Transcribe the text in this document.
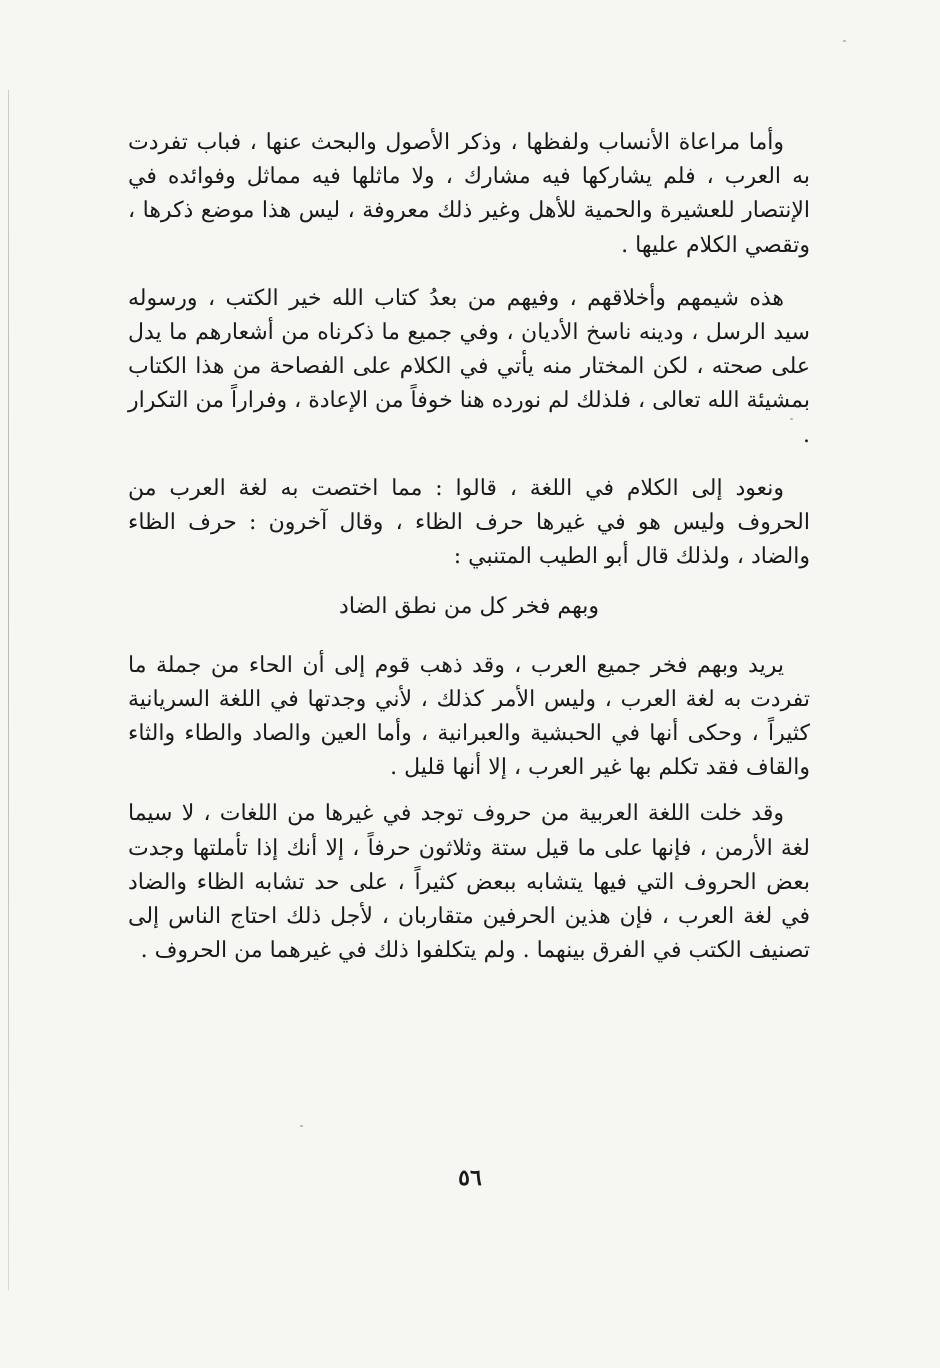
وأما مراعاة الأنساب ولفظها ، وذكر الأصول والبحث عنها ، فباب تفردت به العرب ، فلم يشاركها فيه مشارك ، ولا ماثلها فيه مماثل وفوائده في الإنتصار للعشيرة والحمية للأهل وغير ذلك معروفة ، ليس هذا موضع ذكرها ، وتقصي الكلام عليها .

هذه شيمهم وأخلاقهم ، وفيهم من بعدُ كتاب الله خير الكتب ، ورسوله سيد الرسل ، ودينه ناسخ الأديان ، وفي جميع ما ذكرناه من أشعارهم ما يدل على صحته ، لكن المختار منه يأتي في الكلام على الفصاحة من هذا الكتاب بمشيئة الله تعالى ، فلذلك لم نورده هنا خوفاً من الإعادة ، وفراراً من التكرار .

ونعود إلى الكلام في اللغة ، قالوا : مما اختصت به لغة العرب من الحروف وليس هو في غيرها حرف الظاء ، وقال آخرون : حرف الظاء والضاد ، ولذلك قال أبو الطيب المتنبي :

وبهم فخر كل من نطق الضاد

يريد وبهم فخر جميع العرب ، وقد ذهب قوم إلى أن الحاء من جملة ما تفردت به لغة العرب ، وليس الأمر كذلك ، لأني وجدتها في اللغة السريانية كثيراً ، وحكى أنها في الحبشية والعبرانية ، وأما العين والصاد والطاء والثاء والقاف فقد تكلم بها غير العرب ، إلا أنها قليل .

وقد خلت اللغة العربية من حروف توجد في غيرها من اللغات ، لا سيما لغة الأرمن ، فإنها على ما قيل ستة وثلاثون حرفاً ، إلا أنك إذا تأملتها وجدت بعض الحروف التي فيها يتشابه ببعض كثيراً ، على حد تشابه الظاء والضاد في لغة العرب ، فإن هذين الحرفين متقاربان ، لأجل ذلك احتاج الناس إلى تصنيف الكتب في الفرق بينهما . ولم يتكلفوا ذلك في غيرهما من الحروف .

٥٦
